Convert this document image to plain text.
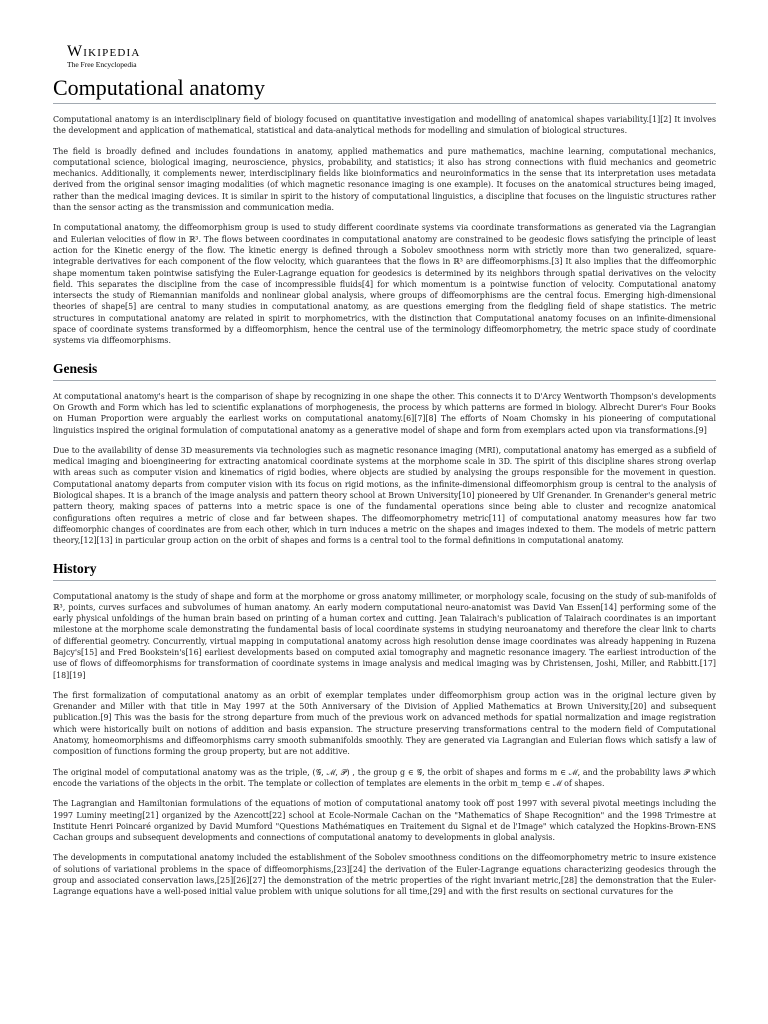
Wikipedia
The Free Encyclopedia
Computational anatomy

Computational anatomy is an interdisciplinary field of biology focused on quantitative investigation and modelling of anatomical shapes variability.[1][2] It involves the development and application of mathematical, statistical and data-analytical methods for modelling and simulation of biological structures.

The field is broadly defined and includes foundations in anatomy, applied mathematics and pure mathematics, machine learning, computational mechanics, computational science, biological imaging, neuroscience, physics, probability, and statistics; it also has strong connections with fluid mechanics and geometric mechanics. Additionally, it complements newer, interdisciplinary fields like bioinformatics and neuroinformatics in the sense that its interpretation uses metadata derived from the original sensor imaging modalities (of which magnetic resonance imaging is one example). It focuses on the anatomical structures being imaged, rather than the medical imaging devices. It is similar in spirit to the history of computational linguistics, a discipline that focuses on the linguistic structures rather than the sensor acting as the transmission and communication media.

In computational anatomy, the diffeomorphism group is used to study different coordinate systems via coordinate transformations as generated via the Lagrangian and Eulerian velocities of flow in ℝ³. The flows between coordinates in computational anatomy are constrained to be geodesic flows satisfying the principle of least action for the Kinetic energy of the flow. The kinetic energy is defined through a Sobolev smoothness norm with strictly more than two generalized, square-integrable derivatives for each component of the flow velocity, which guarantees that the flows in ℝ³ are diffeomorphisms.[3] It also implies that the diffeomorphic shape momentum taken pointwise satisfying the Euler-Lagrange equation for geodesics is determined by its neighbors through spatial derivatives on the velocity field. This separates the discipline from the case of incompressible fluids[4] for which momentum is a pointwise function of velocity. Computational anatomy intersects the study of Riemannian manifolds and nonlinear global analysis, where groups of diffeomorphisms are the central focus. Emerging high-dimensional theories of shape[5] are central to many studies in computational anatomy, as are questions emerging from the fledgling field of shape statistics. The metric structures in computational anatomy are related in spirit to morphometrics, with the distinction that Computational anatomy focuses on an infinite-dimensional space of coordinate systems transformed by a diffeomorphism, hence the central use of the terminology diffeomorphometry, the metric space study of coordinate systems via diffeomorphisms.

Genesis

At computational anatomy's heart is the comparison of shape by recognizing in one shape the other. This connects it to D'Arcy Wentworth Thompson's developments On Growth and Form which has led to scientific explanations of morphogenesis, the process by which patterns are formed in biology. Albrecht Durer's Four Books on Human Proportion were arguably the earliest works on computational anatomy.[6][7][8] The efforts of Noam Chomsky in his pioneering of computational linguistics inspired the original formulation of computational anatomy as a generative model of shape and form from exemplars acted upon via transformations.[9]

Due to the availability of dense 3D measurements via technologies such as magnetic resonance imaging (MRI), computational anatomy has emerged as a subfield of medical imaging and bioengineering for extracting anatomical coordinate systems at the morphome scale in 3D. The spirit of this discipline shares strong overlap with areas such as computer vision and kinematics of rigid bodies, where objects are studied by analysing the groups responsible for the movement in question. Computational anatomy departs from computer vision with its focus on rigid motions, as the infinite-dimensional diffeomorphism group is central to the analysis of Biological shapes. It is a branch of the image analysis and pattern theory school at Brown University[10] pioneered by Ulf Grenander. In Grenander's general metric pattern theory, making spaces of patterns into a metric space is one of the fundamental operations since being able to cluster and recognize anatomical configurations often requires a metric of close and far between shapes. The diffeomorphometry metric[11] of computational anatomy measures how far two diffeomorphic changes of coordinates are from each other, which in turn induces a metric on the shapes and images indexed to them. The models of metric pattern theory,[12][13] in particular group action on the orbit of shapes and forms is a central tool to the formal definitions in computational anatomy.

History

Computational anatomy is the study of shape and form at the morphome or gross anatomy millimeter, or morphology scale, focusing on the study of sub-manifolds of ℝ³, points, curves surfaces and subvolumes of human anatomy. An early modern computational neuro-anatomist was David Van Essen[14] performing some of the early physical unfoldings of the human brain based on printing of a human cortex and cutting. Jean Talairach's publication of Talairach coordinates is an important milestone at the morphome scale demonstrating the fundamental basis of local coordinate systems in studying neuroanatomy and therefore the clear link to charts of differential geometry. Concurrently, virtual mapping in computational anatomy across high resolution dense image coordinates was already happening in Ruzena Bajcy's[15] and Fred Bookstein's[16] earliest developments based on computed axial tomography and magnetic resonance imagery. The earliest introduction of the use of flows of diffeomorphisms for transformation of coordinate systems in image analysis and medical imaging was by Christensen, Joshi, Miller, and Rabbitt.[17][18][19]

The first formalization of computational anatomy as an orbit of exemplar templates under diffeomorphism group action was in the original lecture given by Grenander and Miller with that title in May 1997 at the 50th Anniversary of the Division of Applied Mathematics at Brown University,[20] and subsequent publication.[9] This was the basis for the strong departure from much of the previous work on advanced methods for spatial normalization and image registration which were historically built on notions of addition and basis expansion. The structure preserving transformations central to the modern field of Computational Anatomy, homeomorphisms and diffeomorphisms carry smooth submanifolds smoothly. They are generated via Lagrangian and Eulerian flows which satisfy a law of composition of functions forming the group property, but are not additive.

The original model of computational anatomy was as the triple, (𝒢, ℳ, 𝒫) , the group g ∈ 𝒢, the orbit of shapes and forms m ∈ ℳ, and the probability laws 𝒫 which encode the variations of the objects in the orbit. The template or collection of templates are elements in the orbit m_temp ∈ ℳ of shapes.

The Lagrangian and Hamiltonian formulations of the equations of motion of computational anatomy took off post 1997 with several pivotal meetings including the 1997 Luminy meeting[21] organized by the Azencott[22] school at Ecole-Normale Cachan on the "Mathematics of Shape Recognition" and the 1998 Trimestre at Institute Henri Poincaré organized by David Mumford "Questions Mathématiques en Traitement du Signal et de l'Image" which catalyzed the Hopkins-Brown-ENS Cachan groups and subsequent developments and connections of computational anatomy to developments in global analysis.

The developments in computational anatomy included the establishment of the Sobolev smoothness conditions on the diffeomorphometry metric to insure existence of solutions of variational problems in the space of diffeomorphisms,[23][24] the derivation of the Euler-Lagrange equations characterizing geodesics through the group and associated conservation laws,[25][26][27] the demonstration of the metric properties of the right invariant metric,[28] the demonstration that the Euler-Lagrange equations have a well-posed initial value problem with unique solutions for all time,[29] and with the first results on sectional curvatures for the
